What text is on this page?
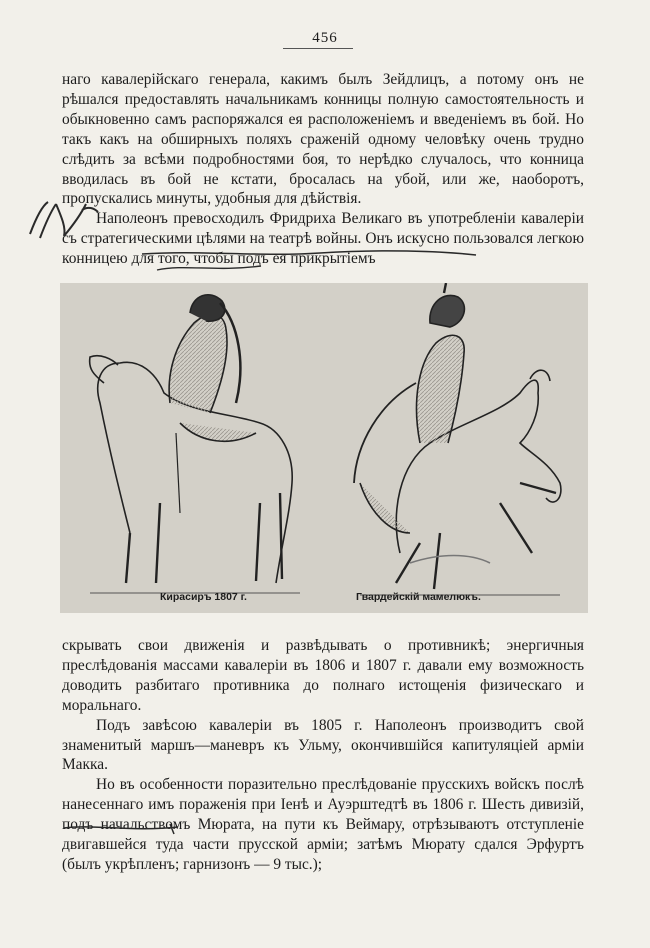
456

наго кавалерійскаго генерала, какимъ былъ Зейдлицъ, а потому онъ не рѣшался предоставлять начальникамъ конницы полную самостоятельность и обыкновенно самъ распоряжался ея расположеніемъ и введеніемъ въ бой. Но такъ какъ на обширныхъ поляхъ сраженій одному человѣку очень трудно слѣдить за всѣми подробностями боя, то нерѣдко случалось, что конница вводилась въ бой не кстати, бросалась на убой, или же, наоборотъ, пропускались минуты, удобныя для дѣйствія.

Наполеонъ превосходилъ Фридриха Великаго въ употребленіи кавалеріи съ стратегическими цѣлями на театрѣ войны. Онъ искусно пользовался легкою конницею для того, чтобы подъ ея прикрытіемъ

Кирасиръ 1807 г.	Гвардейскій мамелюкъ.

скрывать свои движенія и развѣдывать о противникѣ; энергичныя преслѣдованія массами кавалеріи въ 1806 и 1807 г. давали ему возможность доводить разбитаго противника до полнаго истощенія физическаго и моральнаго.

Подъ завѣсою кавалеріи въ 1805 г. Наполеонъ производитъ свой знаменитый маршъ—маневръ къ Ульму, окончившійся капитуляціей арміи Макка.

Но въ особенности поразительно преслѣдованіе прусскихъ войскъ послѣ нанесеннаго имъ пораженія при Іенѣ и Ауэрштедтѣ въ 1806 г. Шесть дивизій, подъ начальствомъ Мюрата, на пути къ Веймару, отрѣзываютъ отступленіе двигавшейся туда части прусской арміи; затѣмъ Мюрату сдался Эрфуртъ (былъ укрѣпленъ; гарнизонъ — 9 тыс.);
